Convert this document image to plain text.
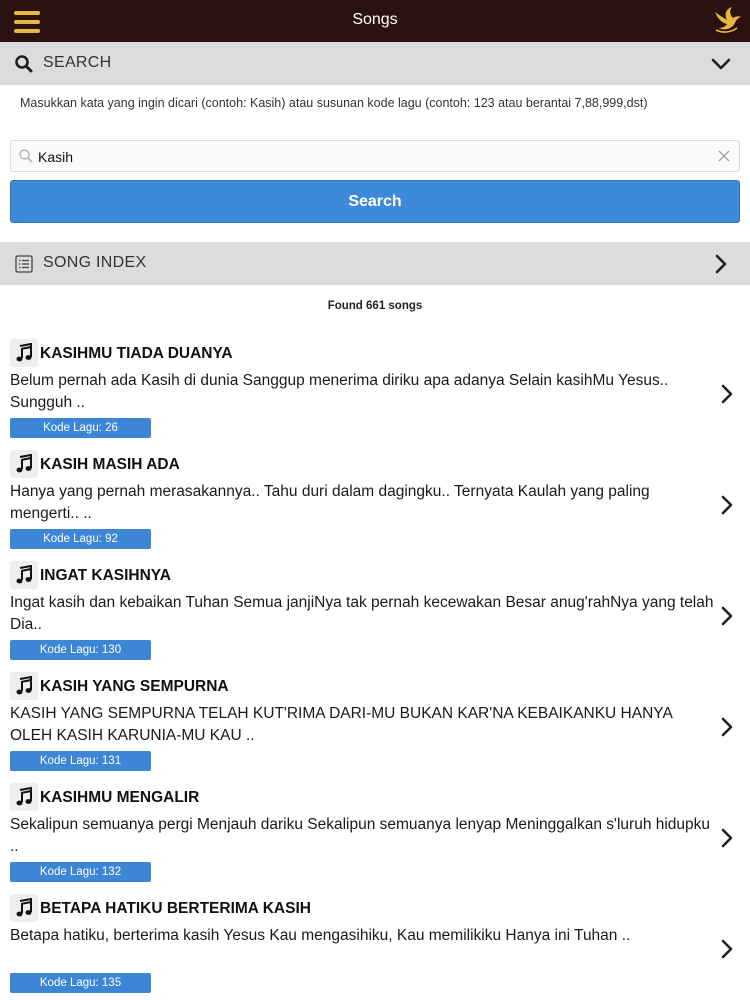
Songs
SEARCH
Masukkan kata yang ingin dicari (contoh: Kasih) atau susunan kode lagu (contoh: 123 atau berantai 7,88,999,dst)
Kasih
Search
SONG INDEX
Found 661 songs
KASIHMU TIADA DUANYA
Belum pernah ada Kasih di dunia Sanggup menerima diriku apa adanya Selain kasihMu Yesus.. Sungguh ..
Kode Lagu: 26
KASIH MASIH ADA
Hanya yang pernah merasakannya.. Tahu duri dalam dagingku.. Ternyata Kaulah yang paling mengerti.. ..
Kode Lagu: 92
INGAT KASIHNYA
Ingat kasih dan kebaikan Tuhan Semua janjiNya tak pernah kecewakan Besar anug'rahNya yang telah Dia..
Kode Lagu: 130
KASIH YANG SEMPURNA
KASIH YANG SEMPURNA TELAH KUT'RIMA DARI-MU BUKAN KAR'NA KEBAIKANKU HANYA OLEH KASIH KARUNIA-MU KAU ..
Kode Lagu: 131
KASIHMU MENGALIR
Sekalipun semuanya pergi Menjauh dariku Sekalipun semuanya lenyap Meninggalkan s'luruh hidupku ..
Kode Lagu: 132
BETAPA HATIKU BERTERIMA KASIH
Betapa hatiku, berterima kasih Yesus Kau mengasihiku, Kau memilikiku Hanya ini Tuhan ..
Kode Lagu: 135
